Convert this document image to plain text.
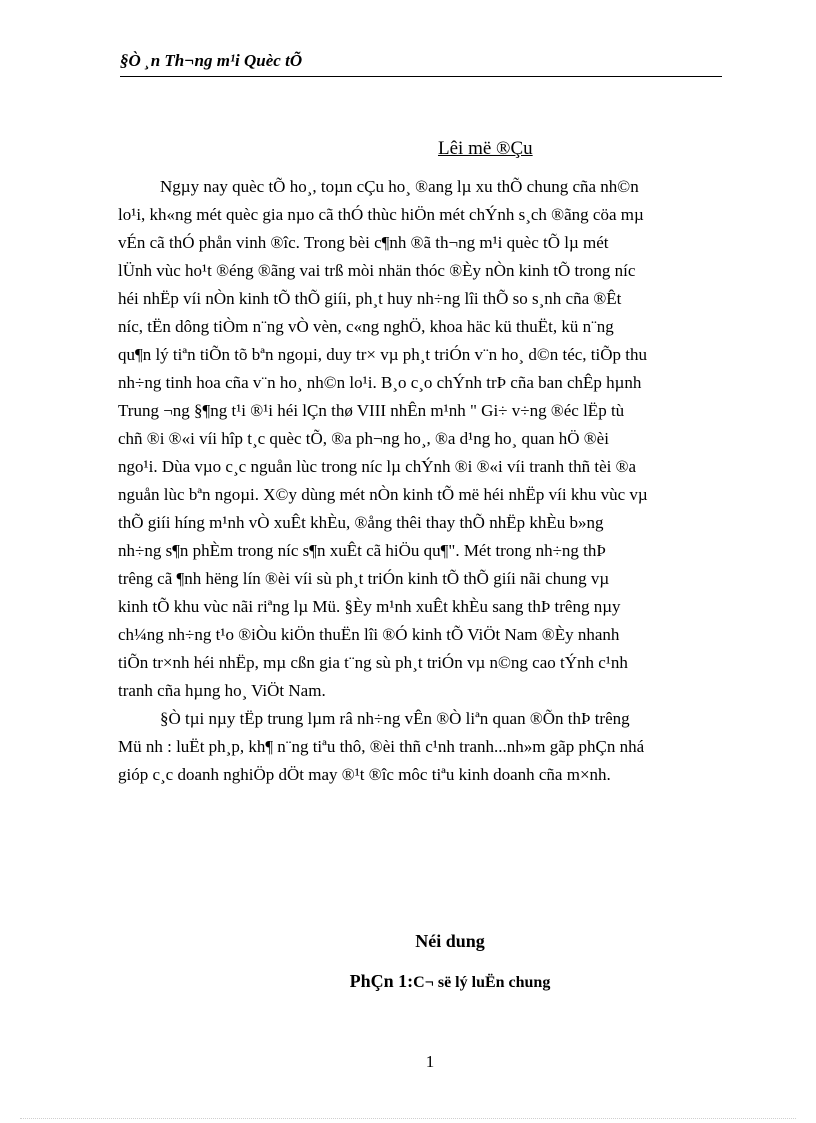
§Ò ¸n Th¬ng m¹i Quèc tÕ
Lêi më ®Çu
Ngµy nay quèc tÕ ho¸, toµn cÇu ho¸ ®ang lµ xu thÕ chung cña nh©n
lo¹i, kh«ng mét quèc gia nµo cã thÓ thùc hiÖn mét chÝnh s¸ch ®ãng cöa mµ
vÉn cã thÓ phån vinh ®îc. Trong bèi c¶nh ®ã th¬ng m¹i quèc tÕ lµ mét
lÜnh vùc ho¹t ®éng ®ãng vai trß mòi nhän thóc ®Èy nÒn kinh tÕ trong níc
héi nhËp víi nÒn kinh tÕ thÕ giíi, ph¸t huy nh÷ng lîi thÕ so s¸nh cña ®Êt
níc, tËn dông tiÒm n¨ng vÒ vèn, c«ng nghÖ, khoa häc kü thuËt, kü n¨ng
qu¶n lý tiªn tiÕn tõ bªn ngoµi, duy tr× vµ ph¸t triÓn v¨n ho¸ d©n téc, tiÕp thu
nh÷ng tinh hoa cña v¨n ho¸ nh©n lo¹i. B¸o c¸o chÝnh trÞ cña ban chÊp hµnh
Trung ¬ng §¶ng t¹i ®¹i héi lÇn thø VIII nhÊn m¹nh " Gi÷ v÷ng ®éc lËp tù
chñ ®i ®«i víi hîp t¸c quèc tÕ, ®a ph¬ng ho¸, ®a d¹ng ho¸ quan hÖ ®èi
ngo¹i. Dùa vµo c¸c nguån lùc trong níc lµ chÝnh ®i ®«i víi tranh thñ tèi ®a
nguån lùc bªn ngoµi. X©y dùng mét nÒn kinh tÕ më héi nhËp víi khu vùc vµ
thÕ giíi híng m¹nh vÒ xuÊt khÈu, ®ång thêi thay thÕ nhËp khÈu b»ng
nh÷ng s¶n phÈm trong níc s¶n xuÊt cã hiÖu qu¶". Mét trong nh÷ng thÞ
trêng cã ¶nh hëng lín ®èi víi sù ph¸t triÓn kinh tÕ thÕ giíi nãi chung vµ
kinh tÕ khu vùc nãi riªng lµ Mü. §Èy m¹nh xuÊt khÈu sang thÞ trêng nµy
ch¼ng nh÷ng t¹o ®iÒu kiÖn thuËn lîi ®Ó kinh tÕ ViÖt Nam ®Èy nhanh
tiÕn tr×nh héi nhËp, mµ cßn gia t¨ng sù ph¸t triÓn vµ n©ng cao tÝnh c¹nh
tranh cña hµng ho¸ ViÖt Nam.
§Ò tµi nµy tËp trung lµm râ nh÷ng vÊn ®Ò liªn quan ®Õn thÞ trêng
Mü nh : luËt ph¸p, kh¶ n¨ng tiªu thô, ®èi thñ c¹nh tranh...nh»m gãp phÇn nhá
gióp c¸c doanh nghiÖp dÖt may ®¹t ®îc môc tiªu kinh doanh cña m×nh.
Néi dung
PhÇn 1:C¬ së lý luËn chung
1
